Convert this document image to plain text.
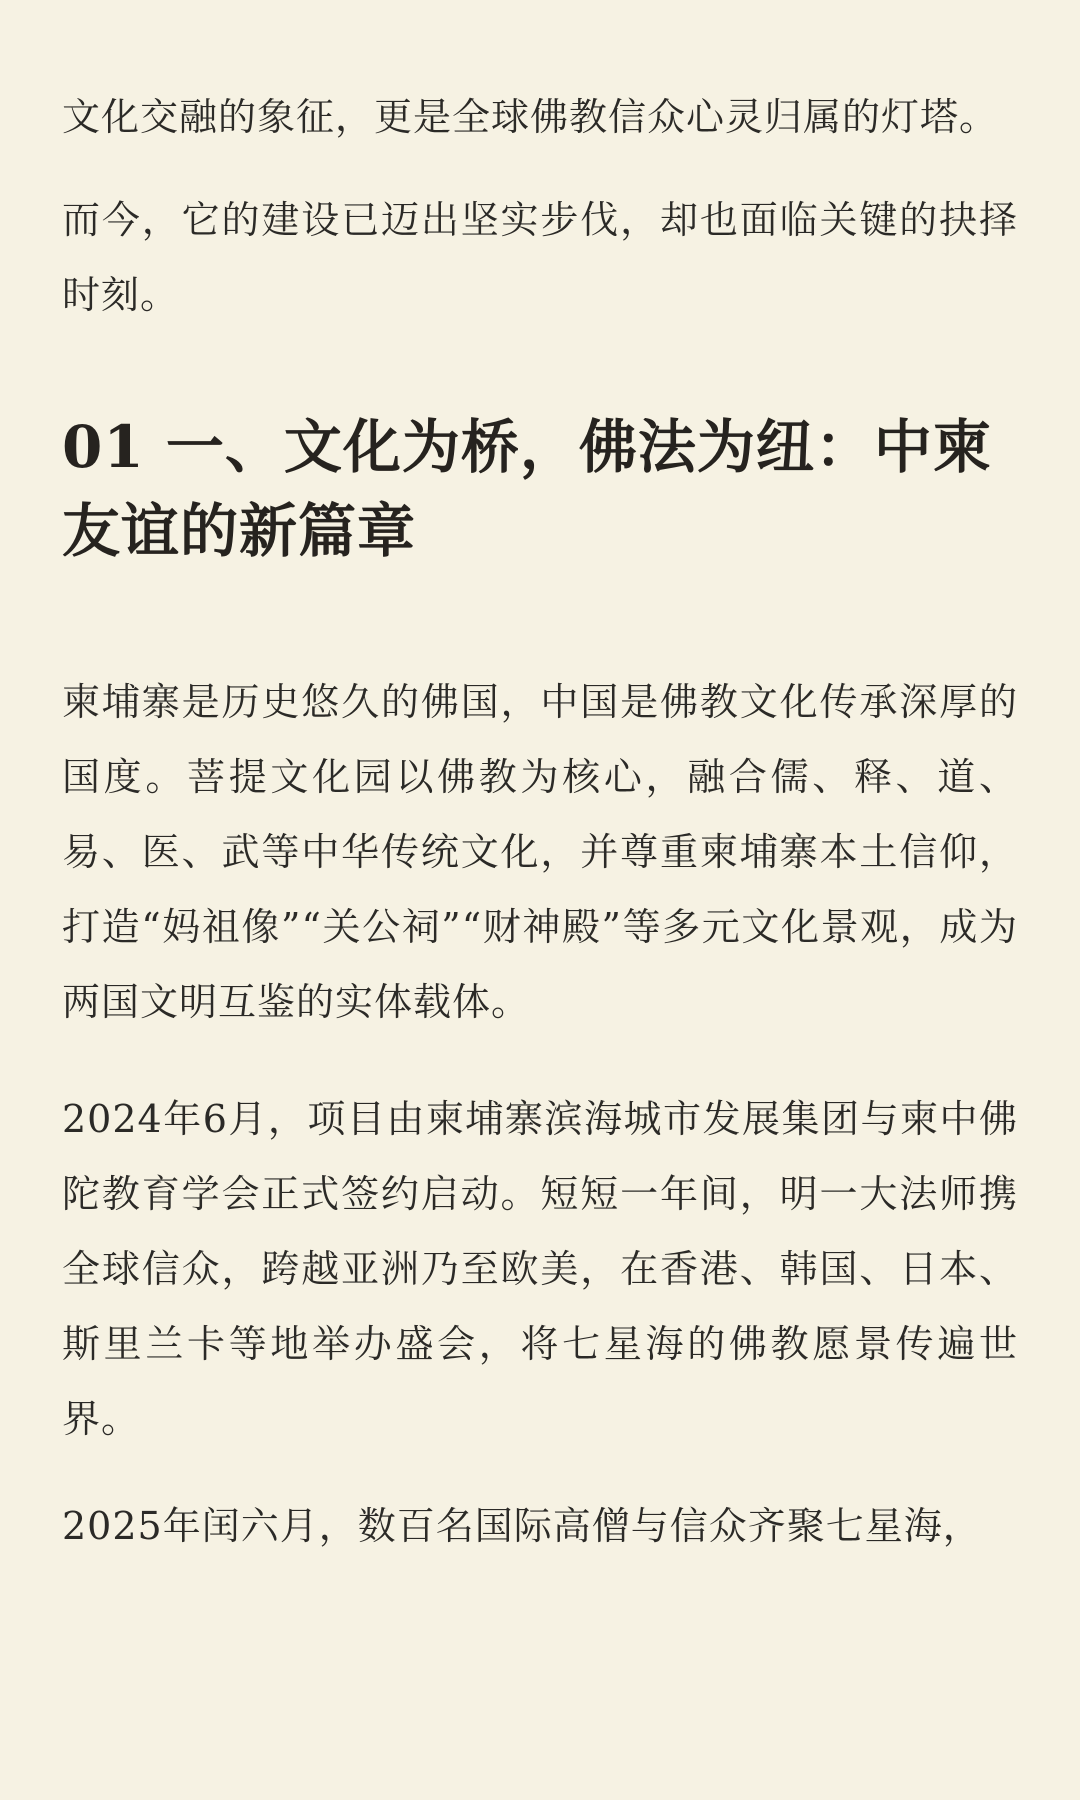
文化交融的象征，更是全球佛教信众心灵归属的灯塔。

而今，它的建设已迈出坚实步伐，却也面临关键的抉择时刻。

01 一、文化为桥，佛法为纽：中柬友谊的新篇章

柬埔寨是历史悠久的佛国，中国是佛教文化传承深厚的国度。菩提文化园以佛教为核心，融合儒、释、道、易、医、武等中华传统文化，并尊重柬埔寨本土信仰，打造“妈祖像”“关公祠”“财神殿”等多元文化景观，成为两国文明互鉴的实体载体。

2024年6月，项目由柬埔寨滨海城市发展集团与柬中佛陀教育学会正式签约启动。短短一年间，明一大法师携全球信众，跨越亚洲乃至欧美，在香港、韩国、日本、斯里兰卡等地举办盛会，将七星海的佛教愿景传遍世界。

2025年闰六月，数百名国际高僧与信众齐聚七星海，
